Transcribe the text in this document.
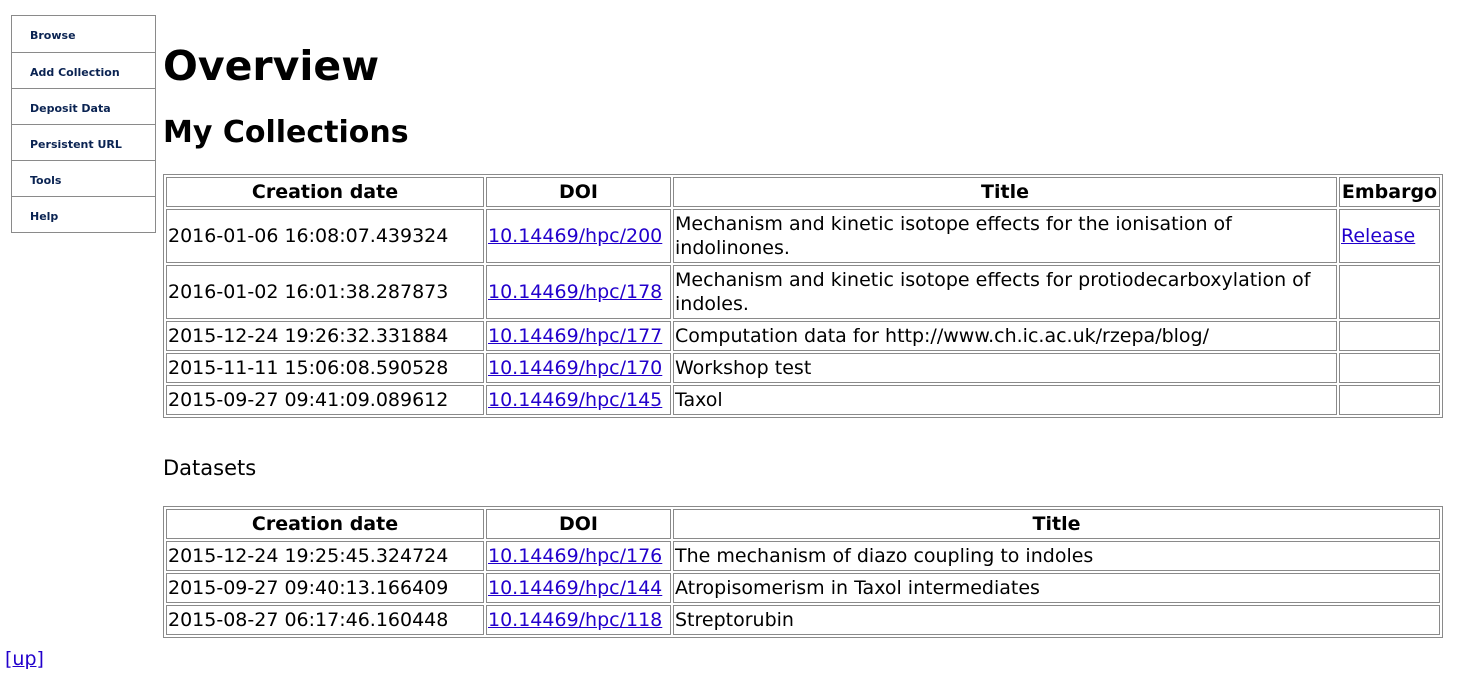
Browse
Add Collection
Deposit Data
Persistent URL
Tools
Help
Overview
My Collections
Creation date	DOI	Title	Embargo
2016-01-06 16:08:07.439324	10.14469/hpc/200	Mechanism and kinetic isotope effects for the ionisation of indolinones.	Release
2016-01-02 16:01:38.287873	10.14469/hpc/178	Mechanism and kinetic isotope effects for protiodecarboxylation of indoles.	
2015-12-24 19:26:32.331884	10.14469/hpc/177	Computation data for http://www.ch.ic.ac.uk/rzepa/blog/	
2015-11-11 15:06:08.590528	10.14469/hpc/170	Workshop test	
2015-09-27 09:41:09.089612	10.14469/hpc/145	Taxol	
Datasets
Creation date	DOI	Title
2015-12-24 19:25:45.324724	10.14469/hpc/176	The mechanism of diazo coupling to indoles
2015-09-27 09:40:13.166409	10.14469/hpc/144	Atropisomerism in Taxol intermediates
2015-08-27 06:17:46.160448	10.14469/hpc/118	Streptorubin
[up]
